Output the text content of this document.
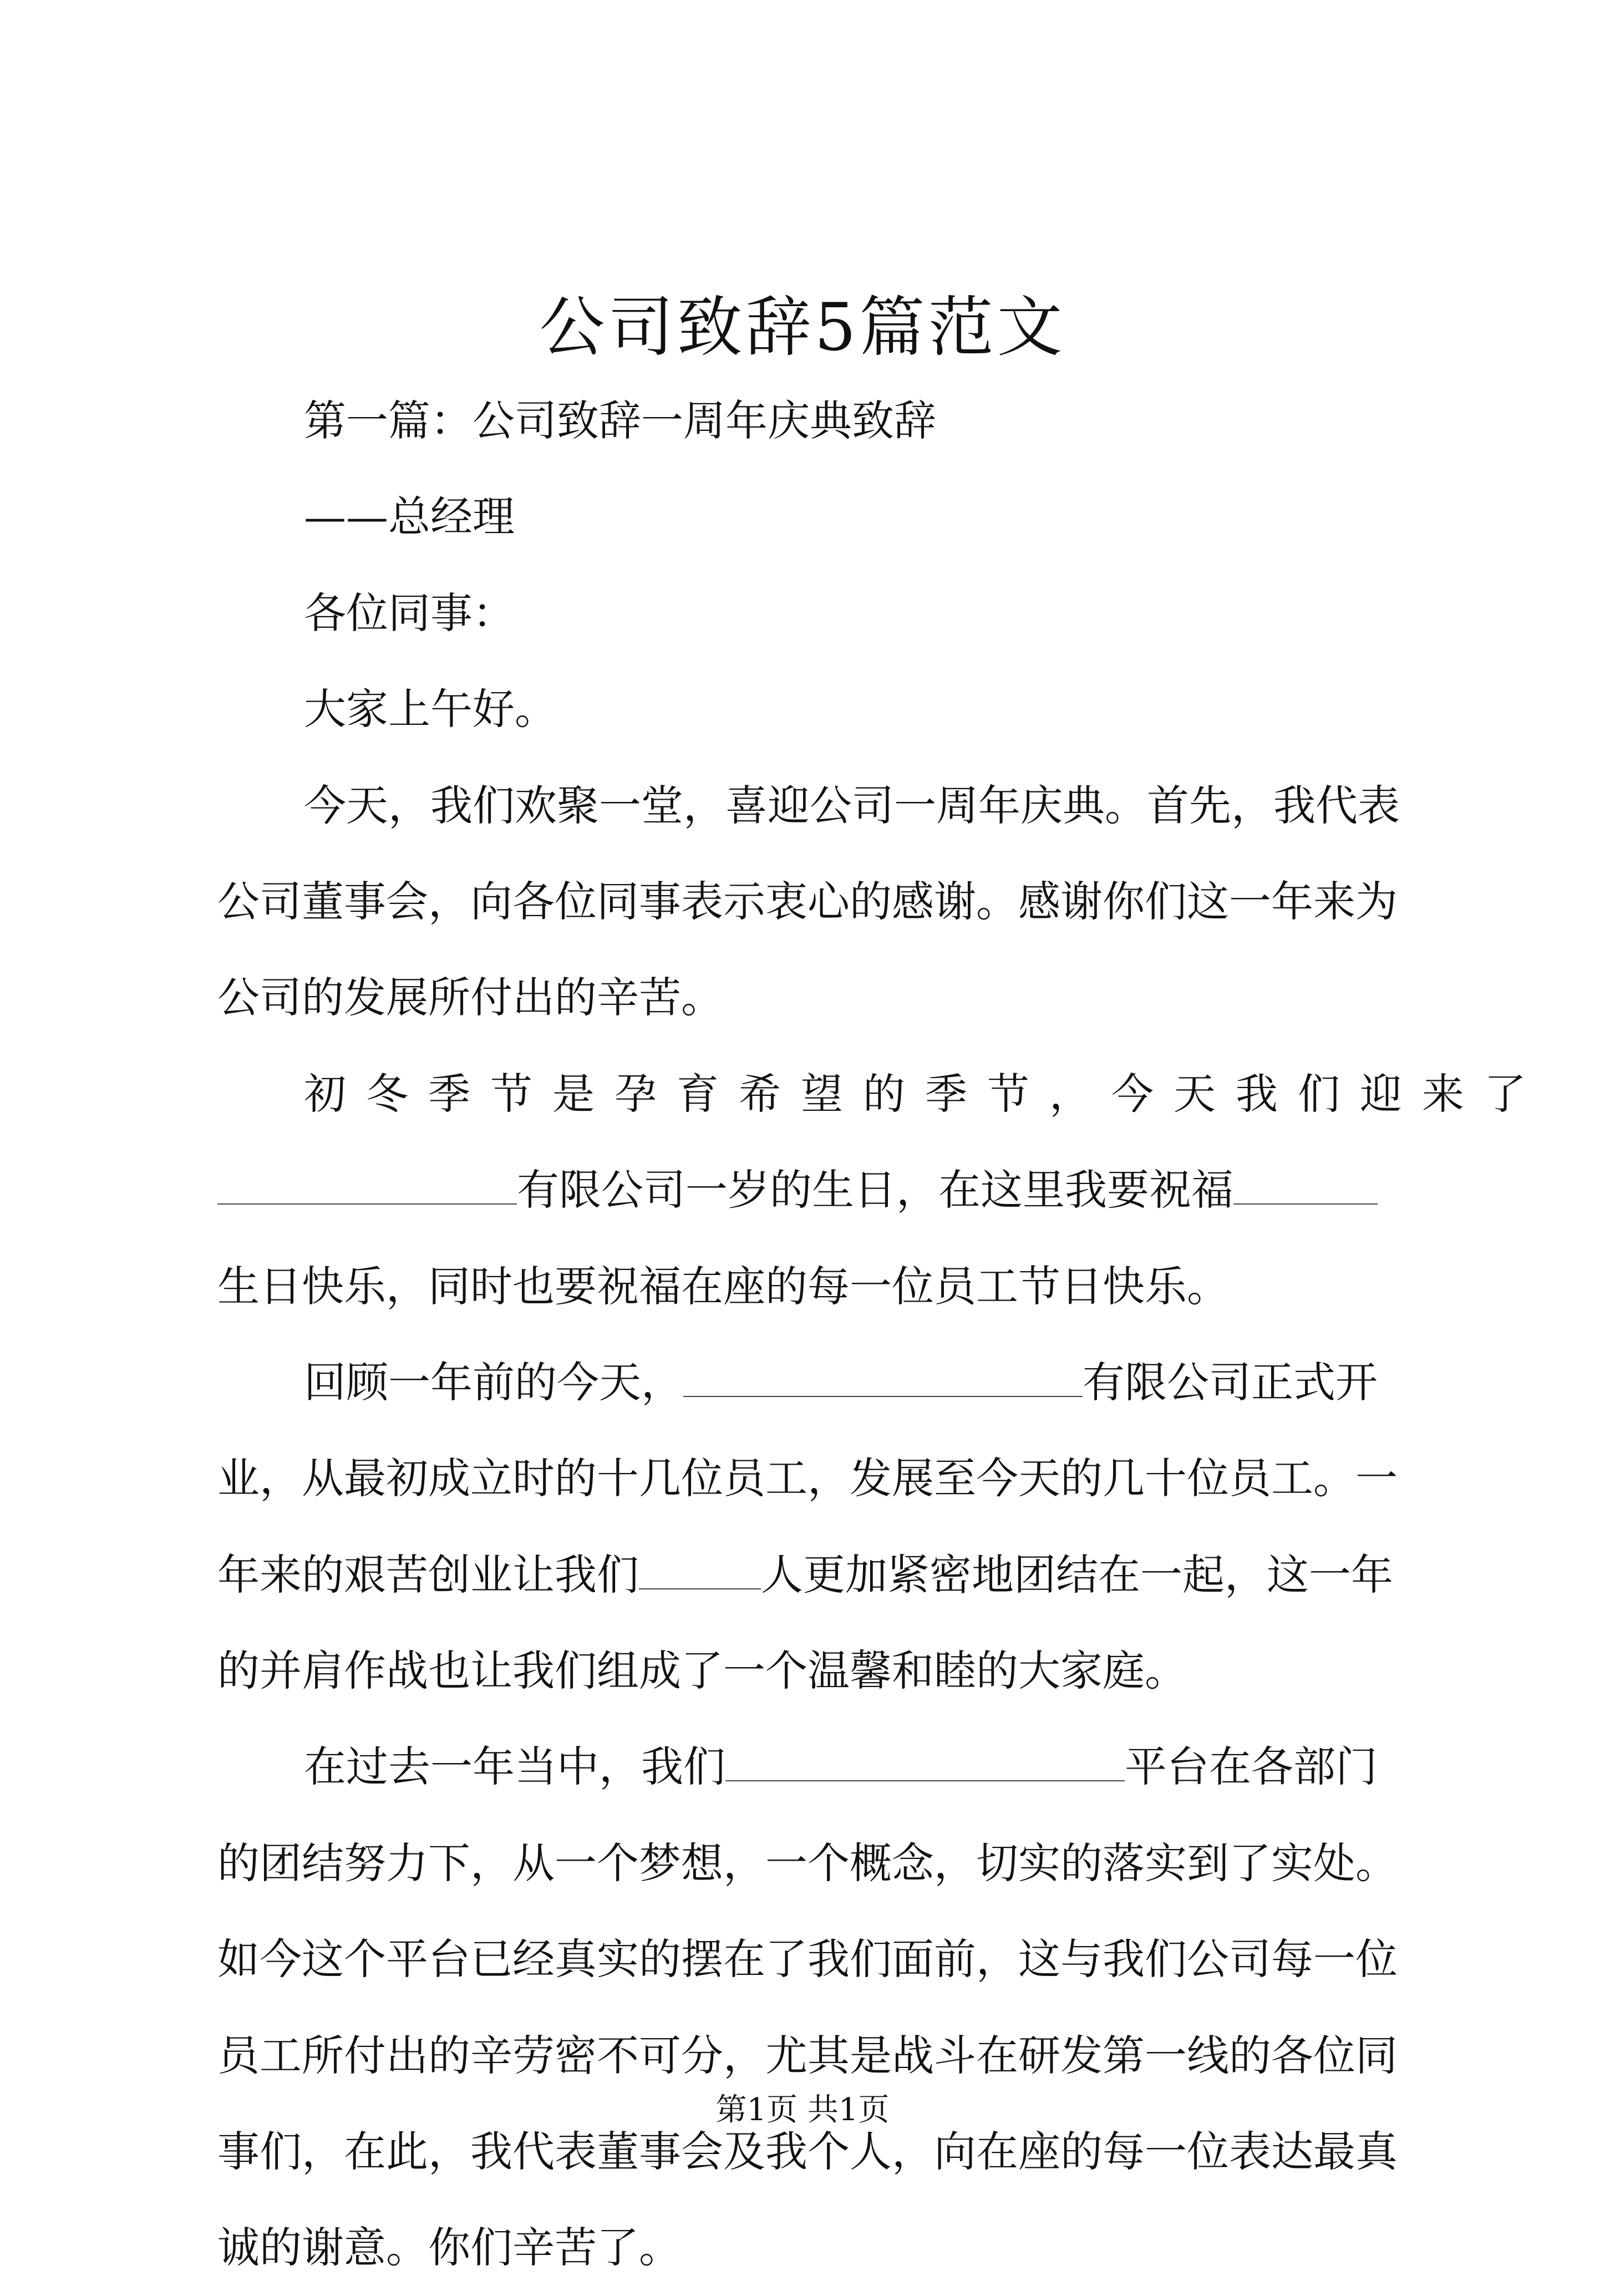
公司致辞5篇范文
第一篇：公司致辞一周年庆典致辞
——总经理
各位同事：
大家上午好。
今天，我们欢聚一堂，喜迎公司一周年庆典。首先，我代表
公司董事会，向各位同事表示衷心的感谢。感谢你们这一年来为
公司的发展所付出的辛苦。
初冬季节是孕育希望的季节，今天我们迎来了
有限公司一岁的生日，在这里我要祝福
生日快乐，同时也要祝福在座的每一位员工节日快乐。
回顾一年前的今天，	有限公司正式开
业，从最初成立时的十几位员工，发展至今天的几十位员工。一
年来的艰苦创业让我们	人更加紧密地团结在一起，这一年
的并肩作战也让我们组成了一个温馨和睦的大家庭。
在过去一年当中，我们	平台在各部门
的团结努力下，从一个梦想，一个概念，切实的落实到了实处。
如今这个平台已经真实的摆在了我们面前，这与我们公司每一位
员工所付出的辛劳密不可分，尤其是战斗在研发第一线的各位同
事们，在此，我代表董事会及我个人，向在座的每一位表达最真
诚的谢意。你们辛苦了。
第1页 共1页
